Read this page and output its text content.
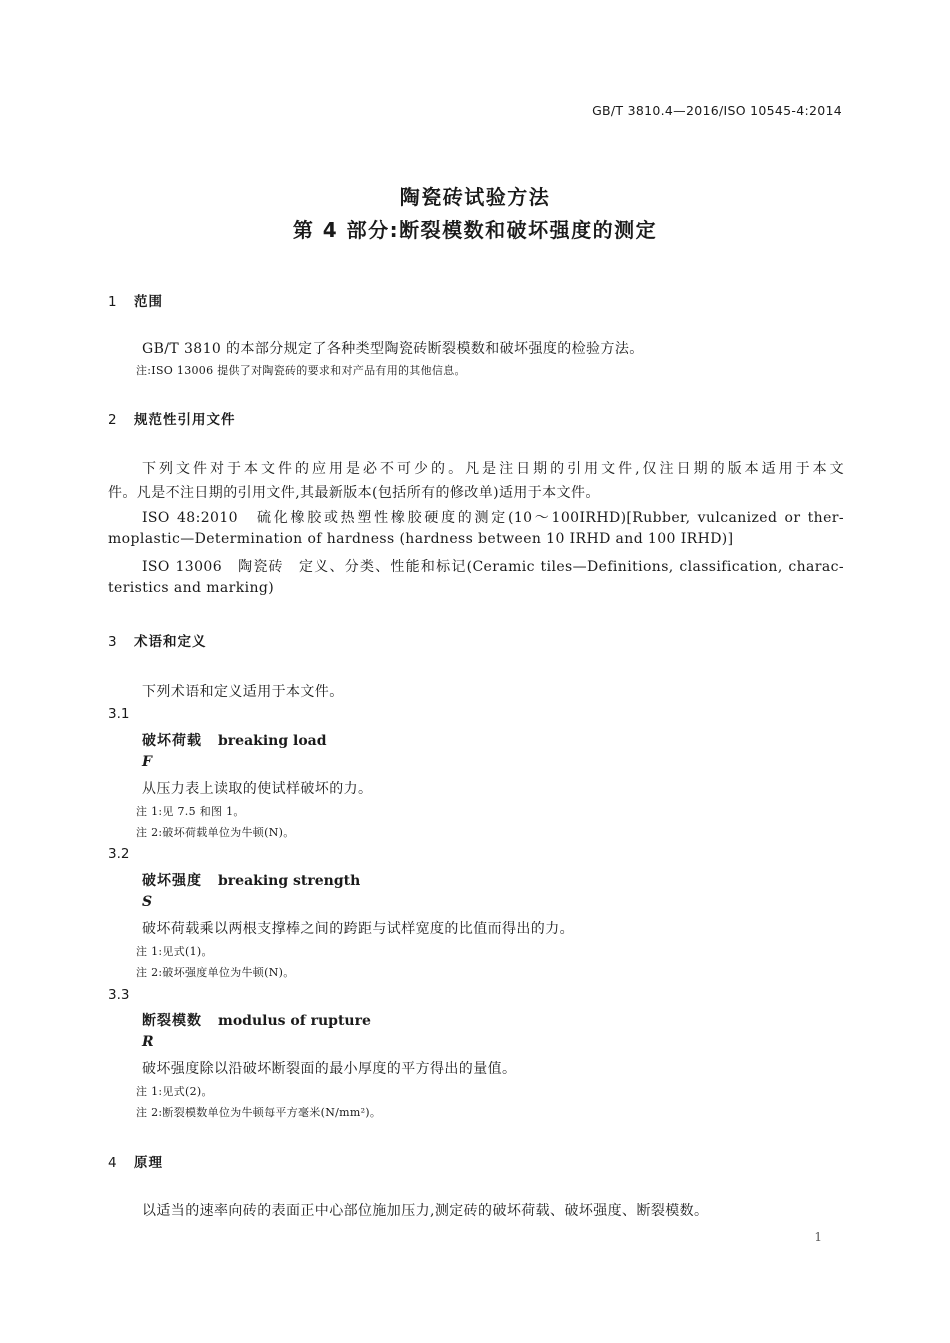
GB/T 3810.4—2016/ISO 10545-4:2014
陶瓷砖试验方法
第 4 部分:断裂模数和破坏强度的测定
1 范围
GB/T 3810 的本部分规定了各种类型陶瓷砖断裂模数和破坏强度的检验方法。
注:ISO 13006 提供了对陶瓷砖的要求和对产品有用的其他信息。
2 规范性引用文件
下列文件对于本文件的应用是必不可少的。凡是注日期的引用文件,仅注日期的版本适用于本文
件。凡是不注日期的引用文件,其最新版本(包括所有的修改单)适用于本文件。
ISO 48:2010　硫化橡胶或热塑性橡胶硬度的测定(10～100IRHD)[Rubber, vulcanized or ther-
moplastic—Determination of hardness (hardness between 10 IRHD and 100 IRHD)]
ISO 13006　陶瓷砖　定义、分类、性能和标记(Ceramic tiles—Definitions, classification, charac-
teristics and marking)
3 术语和定义
下列术语和定义适用于本文件。
3.1
破坏荷载 breaking load
F
从压力表上读取的使试样破坏的力。
注 1:见 7.5 和图 1。
注 2:破坏荷载单位为牛顿(N)。
3.2
破坏强度 breaking strength
S
破坏荷载乘以两根支撑棒之间的跨距与试样宽度的比值而得出的力。
注 1:见式(1)。
注 2:破坏强度单位为牛顿(N)。
3.3
断裂模数 modulus of rupture
R
破坏强度除以沿破坏断裂面的最小厚度的平方得出的量值。
注 1:见式(2)。
注 2:断裂模数单位为牛顿每平方毫米(N/mm²)。
4 原理
以适当的速率向砖的表面正中心部位施加压力,测定砖的破坏荷载、破坏强度、断裂模数。
1
